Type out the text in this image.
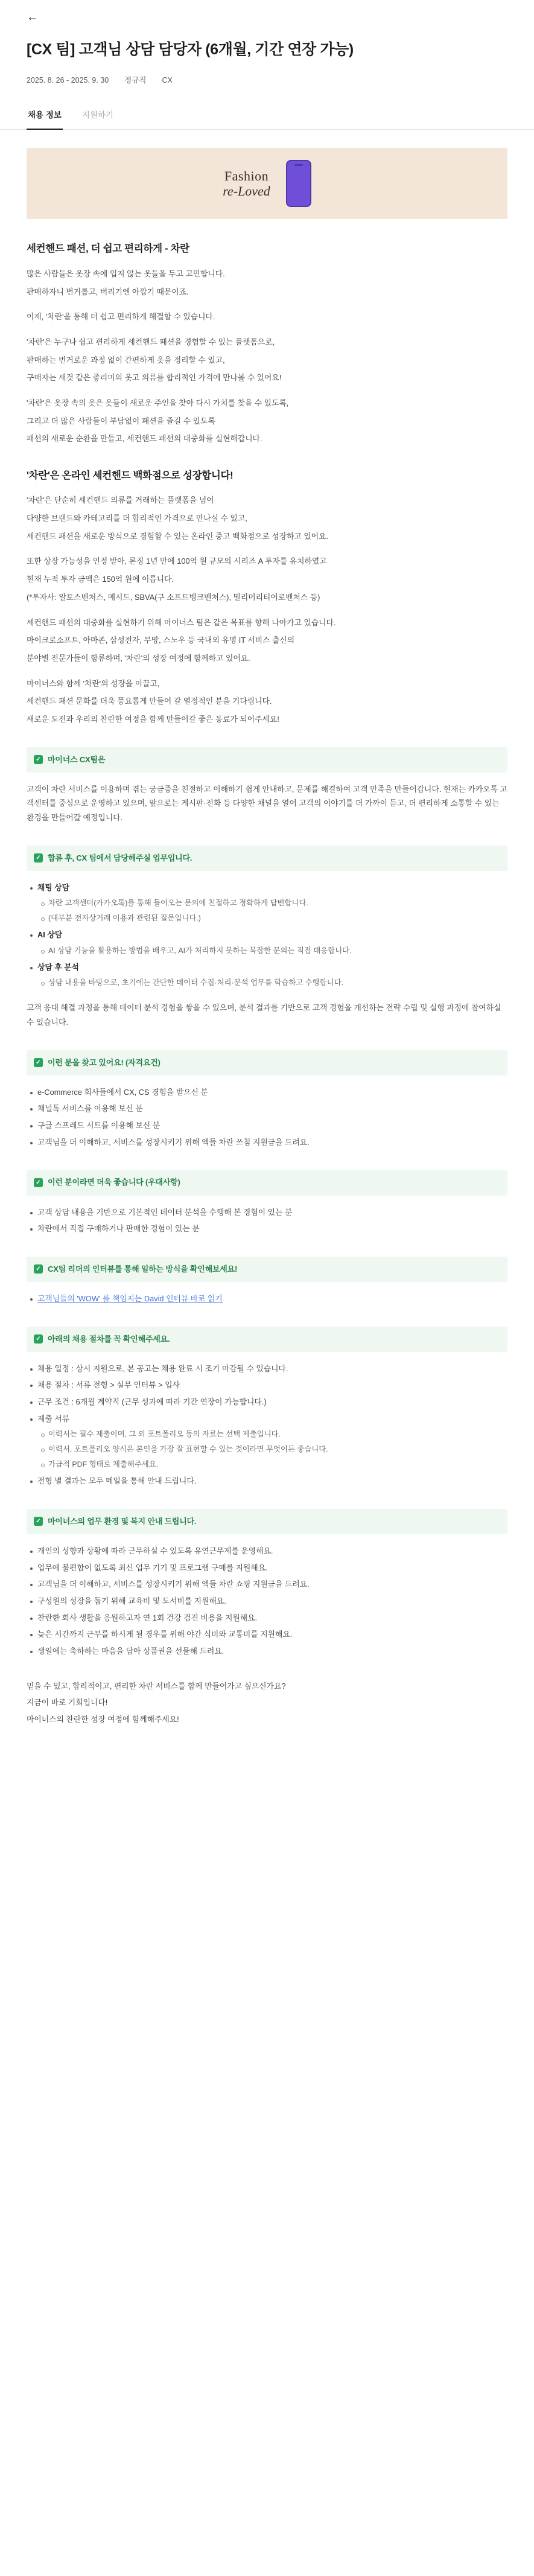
←
[CX 팀] 고객님 상담 담당자 (6개월, 기간 연장 가능)
2025. 8. 26 - 2025. 9. 30 정규직 CX
채용 정보	지원하기
Fashion
re-Loved
세컨핸드 패션, 더 쉽고 편리하게 - 차란

많은 사람들은 옷장 속에 입지 않는 옷들을 두고 고민합니다.

판매하자니 번거롭고, 버리기엔 아깝기 때문이죠.

이제, '차란'을 통해 더 쉽고 편리하게 해결할 수 있습니다.

'차란'은 누구나 쉽고 편리하게 세컨핸드 패션을 경험할 수 있는 플랫폼으로,

판매하는 번거로운 과정 없이 간편하게 옷을 정리할 수 있고,

구매자는 새것 같은 좋리미의 옷고 의류를 합리적인 가격에 만나볼 수 있어요!

'차란'은 옷장 속의 옷은 옷들이 새로운 주인을 찾아 다시 가치를 찾을 수 있도록,

그리고 더 많은 사람들이 부담없이 패션을 즐길 수 있도록

패션의 새로운 순환을 만들고, 세컨핸드 패션의 대중화를 실현해갑니다.

'차란'은 온라인 세컨핸드 백화점으로 성장합니다!

'차란'은 단순히 세컨핸드 의류를 거래하는 플랫폼을 넘어

다양한 브랜드와 카테고리를 더 합리적인 가격으로 만나실 수 있고,

세컨핸드 패션을 새로운 방식으로 경험할 수 있는 온라인 중고 백화점으로 성장하고 있어요.

또한 상장 가능성을 인정 받아, 론징 1년 만에 100억 원 규모의 시리즈 A 투자를 유치하였고

현재 누적 투자 금액은 150억 원에 이릅니다.

(*투자사: 알토스벤처스, 메시드, SBVA(구 소프트뱅크벤처스), 밀리머리티어로벤처스 등)

세컨핸드 패션의 대중화를 실현하기 위해 마이너스 팀은 같은 목표를 향해 나아가고 있습니다.

마이크로소프트, 아마존, 삼성전자, 무망, 스노우 등 국내외 유명 IT 서비스 출신의

분야별 전문가들이 함류하며, '차란'의 성장 여정에 함께하고 있어요.

마이너스와 함께 '차란'의 성장을 이끌고,

세컨핸드 패션 문화를 더욱 풍요롭게 만들어 갈 열정적인 분을 기다립니다.

새로운 도전과 우리의 찬란한 여정을 함께 만들어갈 좋은 동료가 되어주세요!

✓ 마이너스 CX팀은

고객이 차란 서비스를 이용하며 겪는 궁금증을 친절하고 이해하기 쉽게 안내하고, 문제를 해결하여 고객 만족을 만들어갑니다. 현재는 카카오톡 고객센터를 중심으로 운영하고 있으며, 앞으로는 게시판·전화 등 다양한 채널을 열어 고객의 이야기를 더 가까이 듣고, 더 편리하게 소통할 수 있는 환경을 만들어갈 예정입니다.

✓ 합류 후, CX 팀에서 담당해주실 업무입니다.
채팅 상담
차란 고객센터(카카오톡)를 통해 들어오는 문의에 친절하고 정확하게 답변합니다.
(대부분 전자상거래 이용과 관련된 질문입니다.)
AI 상담
AI 상담 기능을 활용하는 방법을 배우고, AI가 처리하지 못하는 복잡한 문의는 직접 대응합니다.
상담 후 분석
상담 내용을 바탕으로, 초기에는 간단한 데이터 수집·처리·분석 업무를 학습하고 수행합니다.

고객 응대 해결 과정을 통해 데이터 분석 경험을 쌓을 수 있으며, 분석 결과를 기반으로 고객 경험을 개선하는 전략 수립 및 실행 과정에 참여하실 수 있습니다.

✓ 이런 분을 찾고 있어요! (자격요건)
e-Commerce 회사들에서 CX, CS 경험을 받으신 분
채널톡 서비스를 이용해 보신 분
구글 스프레드 시트를 이용해 보신 분
고객님을 더 이해하고, 서비스를 성장시키기 위해 액들 차란 쓰침 지원금을 드려요.
✓ 이런 분이라면 더욱 좋습니다 (우대사항)
고객 상담 내용을 기반으로 기본적인 데이터 분석을 수행해 본 경험이 있는 분
차란에서 직접 구매하거나 판매한 경험이 있는 분
✓ CX팀 리더의 인터뷰를 통해 일하는 방식을 확인해보세요!
고객님들의 'WOW' 를 책임지는 David 인터뷰 바로 읽기
✓ 아래의 채용 절차를 꼭 확인해주세요.
채용 일정 : 상시 지원으로, 본 공고는 채용 완료 시 조기 마감될 수 있습니다.
채용 절차 : 서류 전형 > 실무 인터뷰 > 입사
근무 조건 : 6개월 계약직 (근무 성과에 따라 기간 연장이 가능합니다.)
제출 서류
이력서는 필수 제출이며, 그 외 포트폴리오 등의 자료는 선택 제출입니다.
이력서, 포트폴리오 양식은 본인을 가장 잘 표현할 수 있는 것이라면 무엇이든 좋습니다.
가급적 PDF 형태로 제출해주세요.
전형 별 결과는 모두 메일을 통해 안내 드립니다.
✓ 마이너스의 업무 환경 및 복지 안내 드립니다.
개인의 성향과 상황에 따라 근무하실 수 있도록 유연근무제를 운영해요.
업무에 불편함이 없도록 최신 업무 기기 및 프로그램 구매를 지원해요.
고객님을 더 이해하고, 서비스를 성장시키기 위해 액들 차란 쇼핑 지원금을 드려요.
구성원의 성장을 돕기 위해 교육비 및 도서비를 지원해요.
찬란한 회사 생활을 응원하고자 연 1회 건강 검진 비용을 지원해요.
늦은 시간까지 근무를 하시게 될 경우를 위해 야간 식비와 교통비를 지원해요.
생일에는 축하하는 마음을 담아 상품권을 선물해 드려요.

믿을 수 있고, 합리적이고, 편리한 차란 서비스를 함께 만들어가고 싶으신가요?

지금이 바로 기회입니다!

마이너스의 찬란한 성장 여정에 함께해주세요!
